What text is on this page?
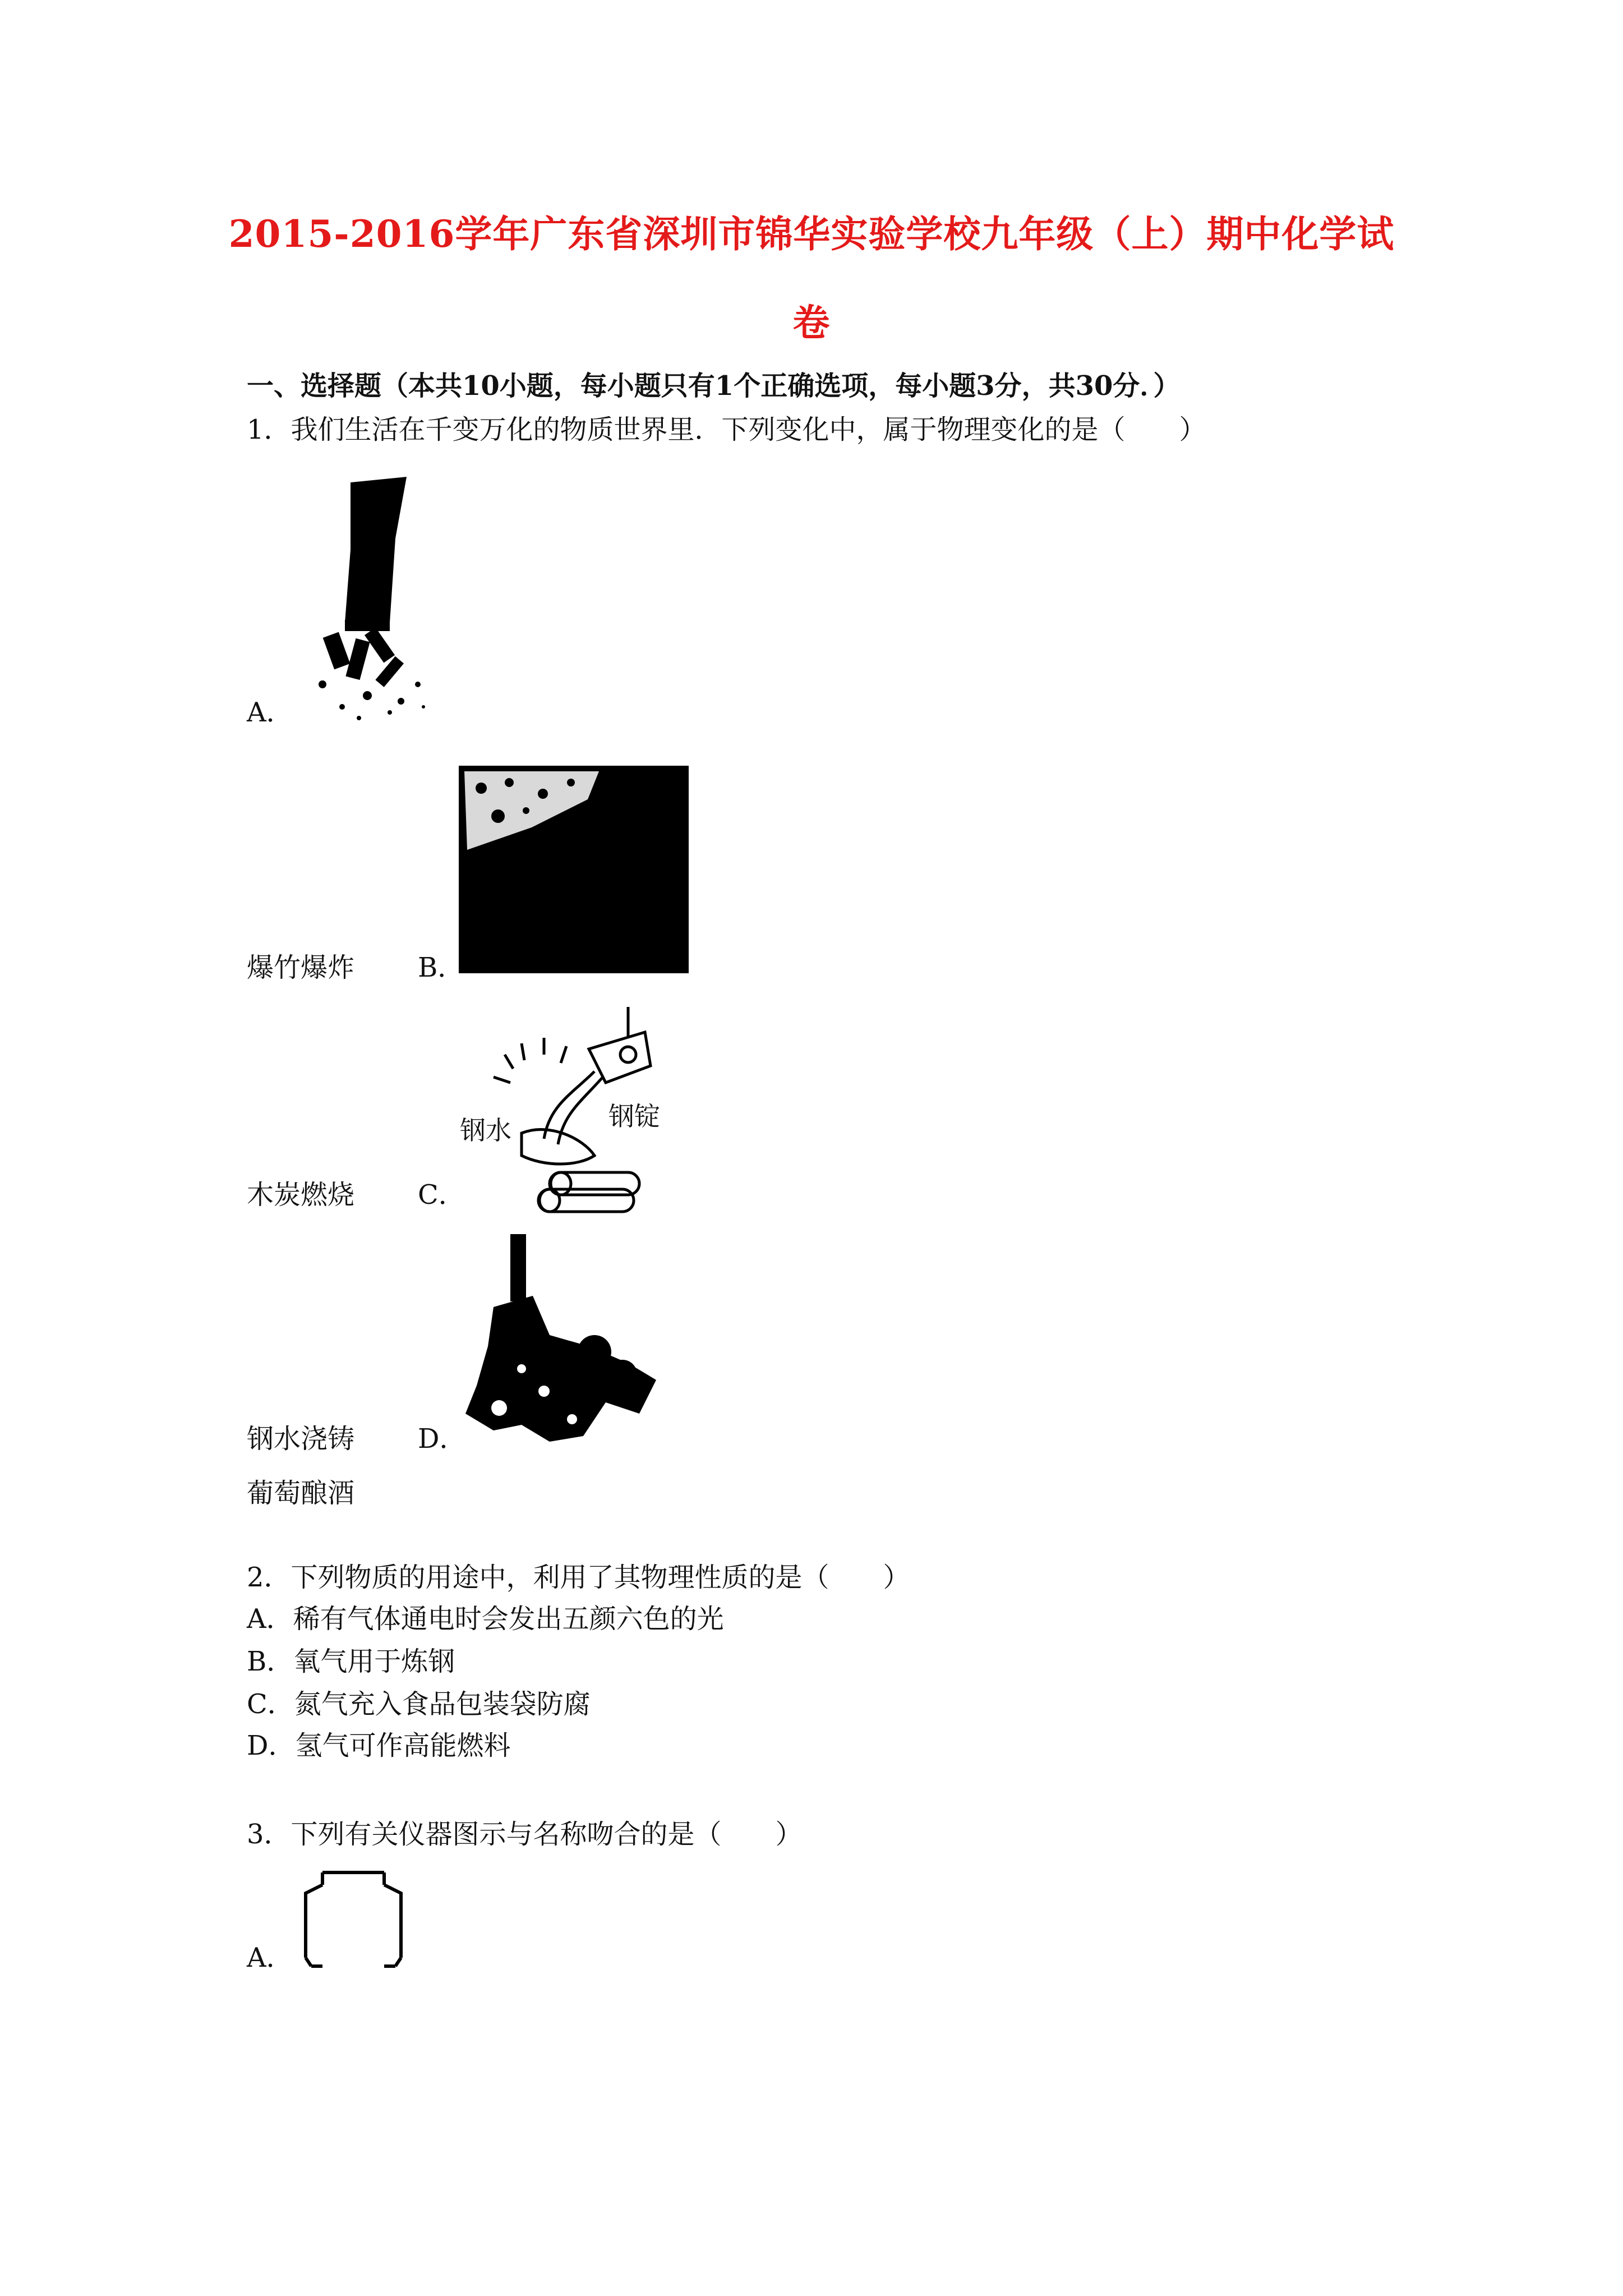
2015-2016学年广东省深圳市锦华实验学校九年级（上）期中化学试
卷
一、选择题（本共10小题，每小题只有1个正确选项，每小题3分，共30分．）
1．我们生活在千变万化的物质世界里．下列变化中，属于物理变化的是（　　）
A．
爆竹爆炸 B．
钢水	钢锭
木炭燃烧 C．
钢水浇铸 D．
葡萄酿酒
2．下列物质的用途中，利用了其物理性质的是（　　）
A．稀有气体通电时会发出五颜六色的光
B．氧气用于炼钢
C．氮气充入食品包装袋防腐
D．氢气可作高能燃料
3．下列有关仪器图示与名称吻合的是（　　）
A．
